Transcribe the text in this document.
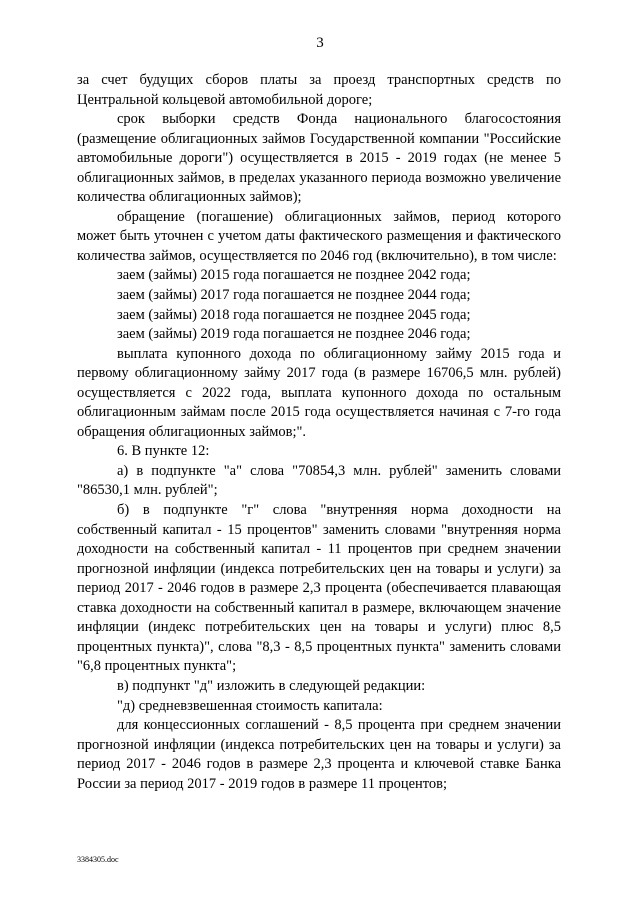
3

за счет будущих сборов платы за проезд транспортных средств по Центральной кольцевой автомобильной дороге;

срок выборки средств Фонда национального благосостояния (размещение облигационных займов Государственной компании "Российские автомобильные дороги") осуществляется в 2015 - 2019 годах (не менее 5 облигационных займов, в пределах указанного периода возможно увеличение количества облигационных займов);

обращение (погашение) облигационных займов, период которого может быть уточнен с учетом даты фактического размещения и фактического количества займов, осуществляется по 2046 год (включительно), в том числе:

заем (займы) 2015 года погашается не позднее 2042 года;

заем (займы) 2017 года погашается не позднее 2044 года;

заем (займы) 2018 года погашается не позднее 2045 года;

заем (займы) 2019 года погашается не позднее 2046 года;

выплата купонного дохода по облигационному займу 2015 года и первому облигационному займу 2017 года (в размере 16706,5 млн. рублей) осуществляется с 2022 года, выплата купонного дохода по остальным облигационным займам после 2015 года осуществляется начиная с 7-го года обращения облигационных займов;".

6. В пункте 12:

а) в подпункте "а" слова "70854,3 млн. рублей" заменить словами "86530,1 млн. рублей";

б) в подпункте "г" слова "внутренняя норма доходности на собственный капитал - 15 процентов" заменить словами "внутренняя норма доходности на собственный капитал - 11 процентов при среднем значении прогнозной инфляции (индекса потребительских цен на товары и услуги) за период 2017 - 2046 годов в размере 2,3 процента (обеспечивается плавающая ставка доходности на собственный капитал в размере, включающем значение инфляции (индекс потребительских цен на товары и услуги) плюс 8,5 процентных пункта)", слова "8,3 - 8,5 процентных пункта" заменить словами "6,8 процентных пункта";

в) подпункт "д" изложить в следующей редакции:

"д) средневзвешенная стоимость капитала:

для концессионных соглашений - 8,5 процента при среднем значении прогнозной инфляции (индекса потребительских цен на товары и услуги) за период 2017 - 2046 годов в размере 2,3 процента и ключевой ставке Банка России за период 2017 - 2019 годов в размере 11 процентов;

3384305.doc
